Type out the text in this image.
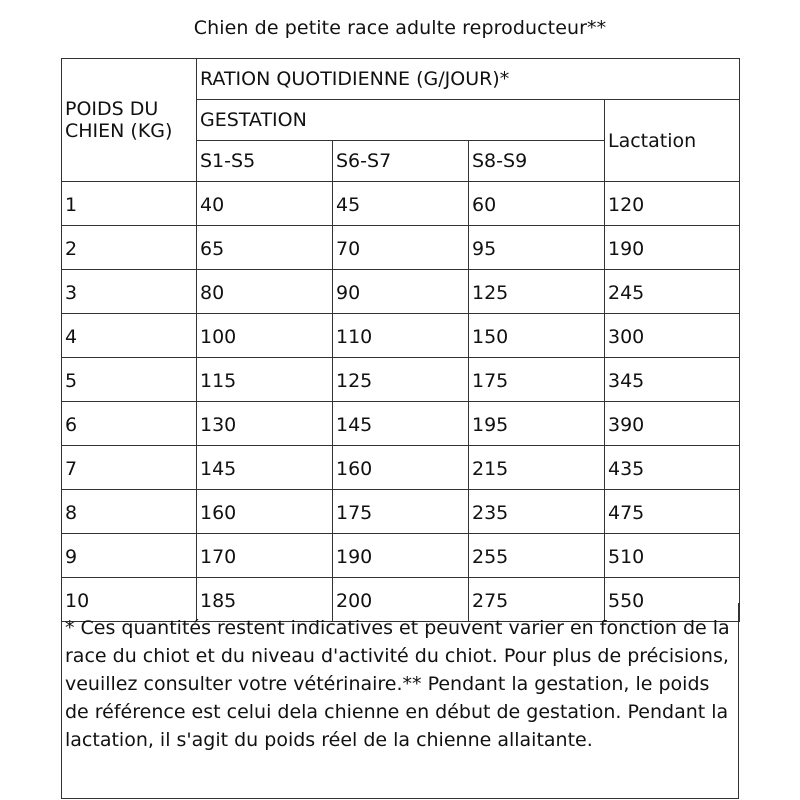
Chien de petite race adulte reproducteur**
POIDS DU CHIEN (KG)	RATION QUOTIDIENNE (G/JOUR)*			
	GESTATION			Lactation
	S1-S5	S6-S7	S8-S9	
1	40	45	60	120
2	65	70	95	190
3	80	90	125	245
4	100	110	150	300
5	115	125	175	345
6	130	145	195	390
7	145	160	215	435
8	160	175	235	475
9	170	190	255	510
10	185	200	275	550
* Ces quantités restent indicatives et peuvent varier en fonction de la race du chiot et du niveau d'activité du chiot. Pour plus de précisions, veuillez consulter votre vétérinaire.** Pendant la gestation, le poids de référence est celui dela chienne en début de gestation. Pendant la lactation, il s'agit du poids réel de la chienne allaitante.
